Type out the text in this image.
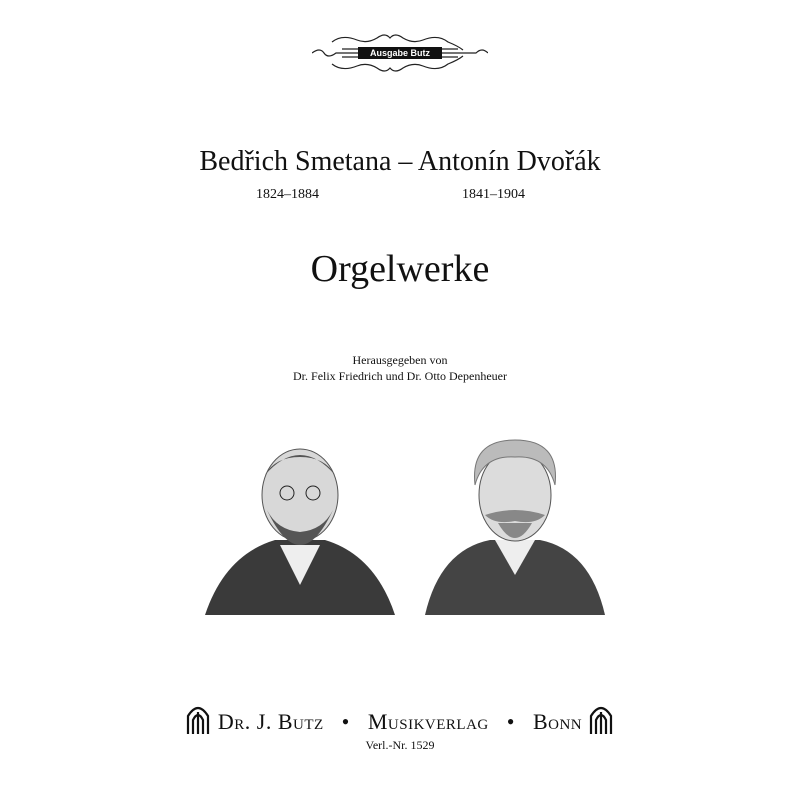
Ausgabe Butz
Bedřich Smetana – Antonín Dvořák
1824–1884	1841–1904
Orgelwerke
Herausgegeben von
Dr. Felix Friedrich und Dr. Otto Depenheuer
Dr. J. Butz • Musikverlag • Bonn
Verl.-Nr. 1529
